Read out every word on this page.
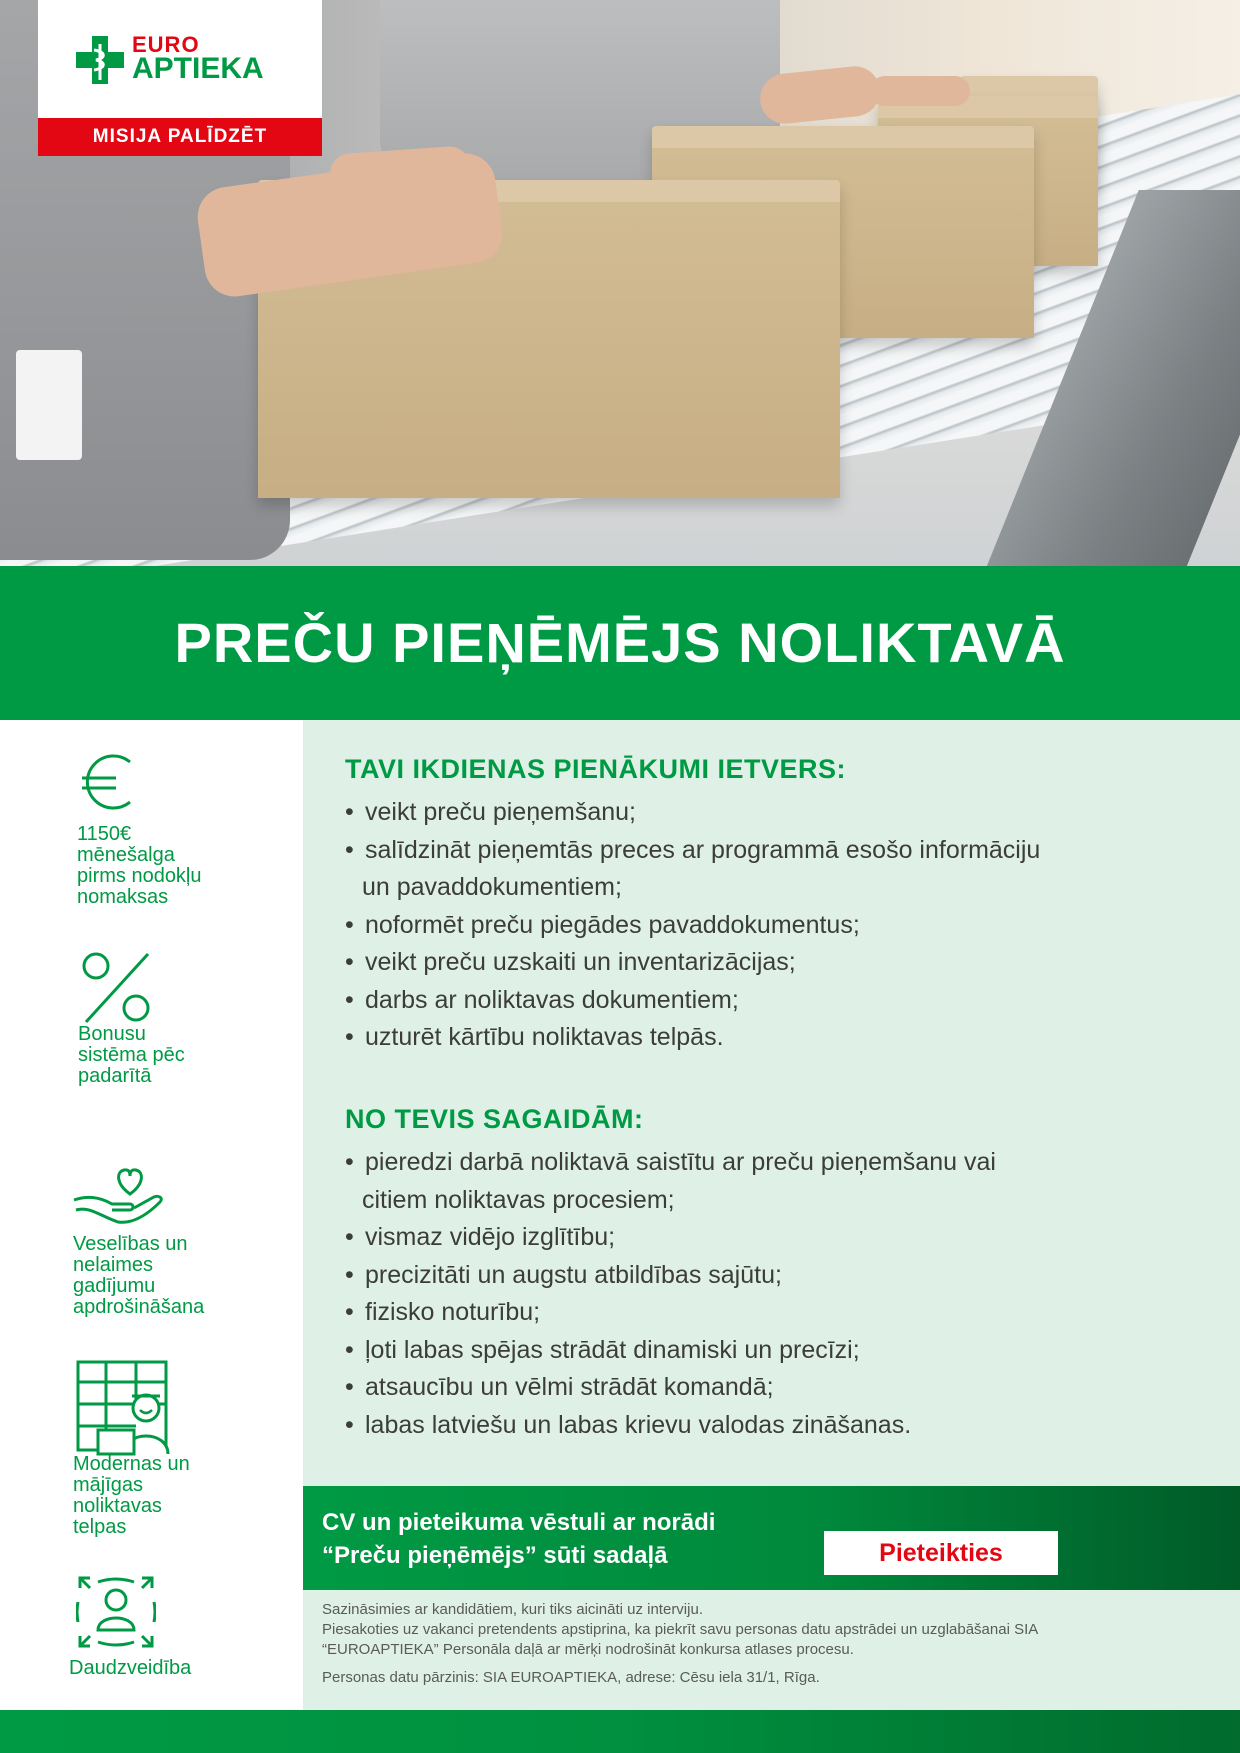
EURO
APTIEKA
MISIJA PALĪDZĒT
PREČU PIEŅĒMĒJS NOLIKTAVĀ
1150€
mēnešalga
pirms nodokļu
nomaksas
Bonusu
sistēma pēc
padarītā
Veselības un
nelaimes
gadījumu
apdrošināšana
Modernas un
mājīgas
noliktavas
telpas
Daudzveidība
TAVI IKDIENAS PIENĀKUMI IETVERS:
• veikt preču pieņemšanu;
• salīdzināt pieņemtās preces ar programmā esošo informāciju
un pavaddokumentiem;
• noformēt preču piegādes pavaddokumentus;
• veikt preču uzskaiti un inventarizācijas;
• darbs ar noliktavas dokumentiem;
• uzturēt kārtību noliktavas telpās.
NO TEVIS SAGAIDĀM:
• pieredzi darbā noliktavā saistītu ar preču pieņemšanu vai
citiem noliktavas procesiem;
• vismaz vidējo izglītību;
• precizitāti un augstu atbildības sajūtu;
• fizisko noturību;
• ļoti labas spējas strādāt dinamiski un precīzi;
• atsaucību un vēlmi strādāt komandā;
• labas latviešu un labas krievu valodas zināšanas.
CV un pieteikuma vēstuli ar norādi
“Preču pieņēmējs” sūti sadaļā	Pieteikties

Sazināsimies ar kandidātiem, kuri tiks aicināti uz interviju.

Piesakoties uz vakanci pretendents apstiprina, ka piekrīt savu personas datu apstrādei un uzglabāšanai SIA

“EUROAPTIEKA” Personāla daļā ar mērķi nodrošināt konkursa atlases procesu.

Personas datu pārzinis: SIA EUROAPTIEKA, adrese: Cēsu iela 31/1, Rīga.
